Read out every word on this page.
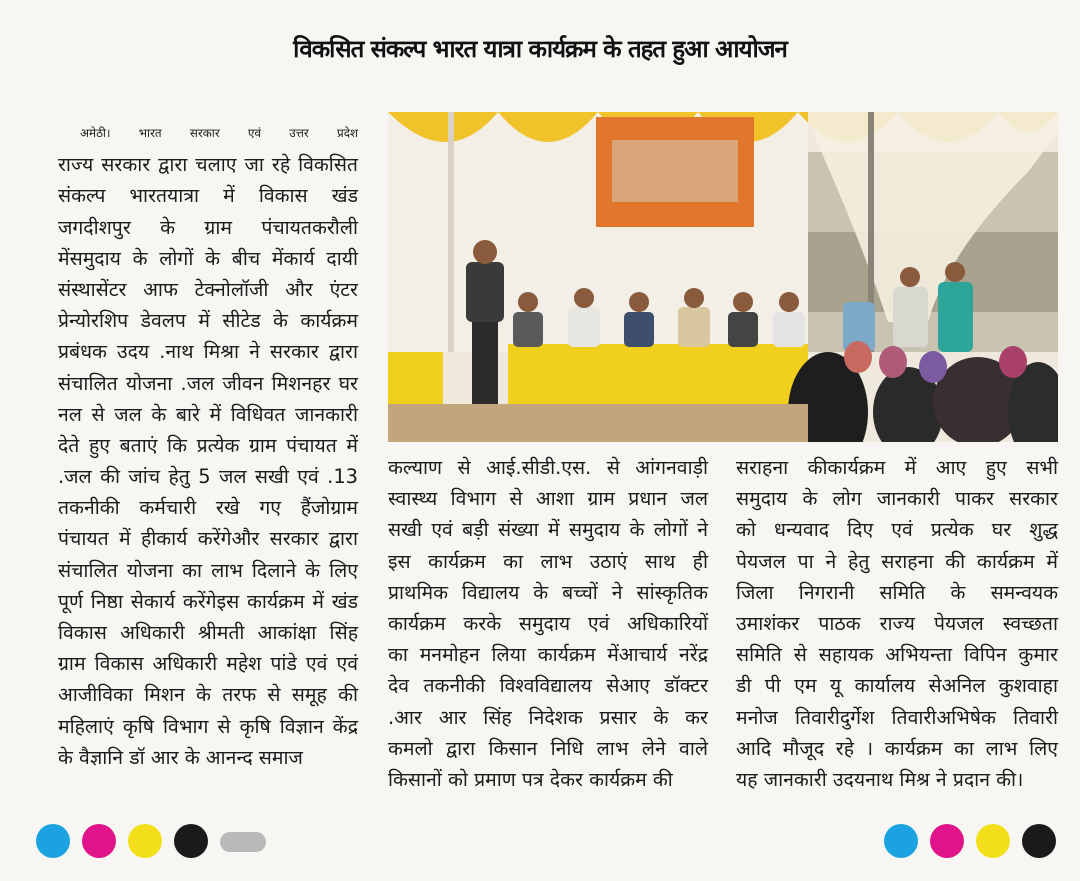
विकसित संकल्प भारत यात्रा कार्यक्रम के तहत हुआ आयोजन
अमेठी। भारत सरकार एवं उत्तर प्रदेश
राज्य सरकार द्वारा चलाए जा रहे विकसित
संकल्प भारतयात्रा में विकास खंड
जगदीशपुर के ग्राम पंचायतकरौली
मेंसमुदाय के लोगों के बीच मेंकार्य दायी
संस्थासेंटर आफ टेक्नोलॉजी और एंटर
प्रेन्योरशिप डेवलप में सीटेड के कार्यक्रम
प्रबंधक उदय .नाथ मिश्रा ने सरकार द्वारा
संचालित योजना .जल जीवन मिशनहर घर
नल से जल के बारे में विधिवत जानकारी
देते हुए बताएं कि प्रत्येक ग्राम पंचायत में
.जल की जांच हेतु 5 जल सखी एवं .13
तकनीकी कर्मचारी रखे गए हैंजोग्राम
पंचायत में हीकार्य करेंगेऔर सरकार द्वारा
संचालित योजना का लाभ दिलाने के लिए
पूर्ण निष्ठा सेकार्य करेंगेइस कार्यक्रम में खंड
विकास अधिकारी श्रीमती आकांक्षा सिंह
ग्राम विकास अधिकारी महेश पांडे एवं एवं
आजीविका मिशन के तरफ से समूह की
महिलाएं कृषि विभाग से कृषि विज्ञान केंद्र
के वैज्ञानि डॉ आर के आनन्द समाज
कल्याण से आई.सीडी.एस. से आंगनवाड़ी
स्वास्थ्य विभाग से आशा ग्राम प्रधान जल
सखी एवं बड़ी संख्या में समुदाय के लोगों ने
इस कार्यक्रम का लाभ उठाएं साथ ही
प्राथमिक विद्यालय के बच्चों ने सांस्कृतिक
कार्यक्रम करके समुदाय एवं अधिकारियों
का मनमोहन लिया कार्यक्रम मेंआचार्य नरेंद्र
देव तकनीकी विश्वविद्यालय सेआए डॉक्टर
.आर आर सिंह निदेशक प्रसार के कर
कमलो द्वारा किसान निधि लाभ लेने वाले
किसानों को प्रमाण पत्र देकर कार्यक्रम की
सराहना कीकार्यक्रम में आए हुए सभी
समुदाय के लोग जानकारी पाकर सरकार
को धन्यवाद दिए एवं प्रत्येक घर शुद्ध
पेयजल पा ने हेतु सराहना की कार्यक्रम में
जिला निगरानी समिति के समन्वयक
उमाशंकर पाठक राज्य पेयजल स्वच्छता
समिति से सहायक अभियन्ता विपिन कुमार
डी पी एम यू कार्यालय सेअनिल कुशवाहा
मनोज तिवारीदुर्गेश तिवारीअभिषेक तिवारी
आदि मौजूद रहे । कार्यक्रम का लाभ लिए
यह जानकारी उदयनाथ मिश्र ने प्रदान की।
